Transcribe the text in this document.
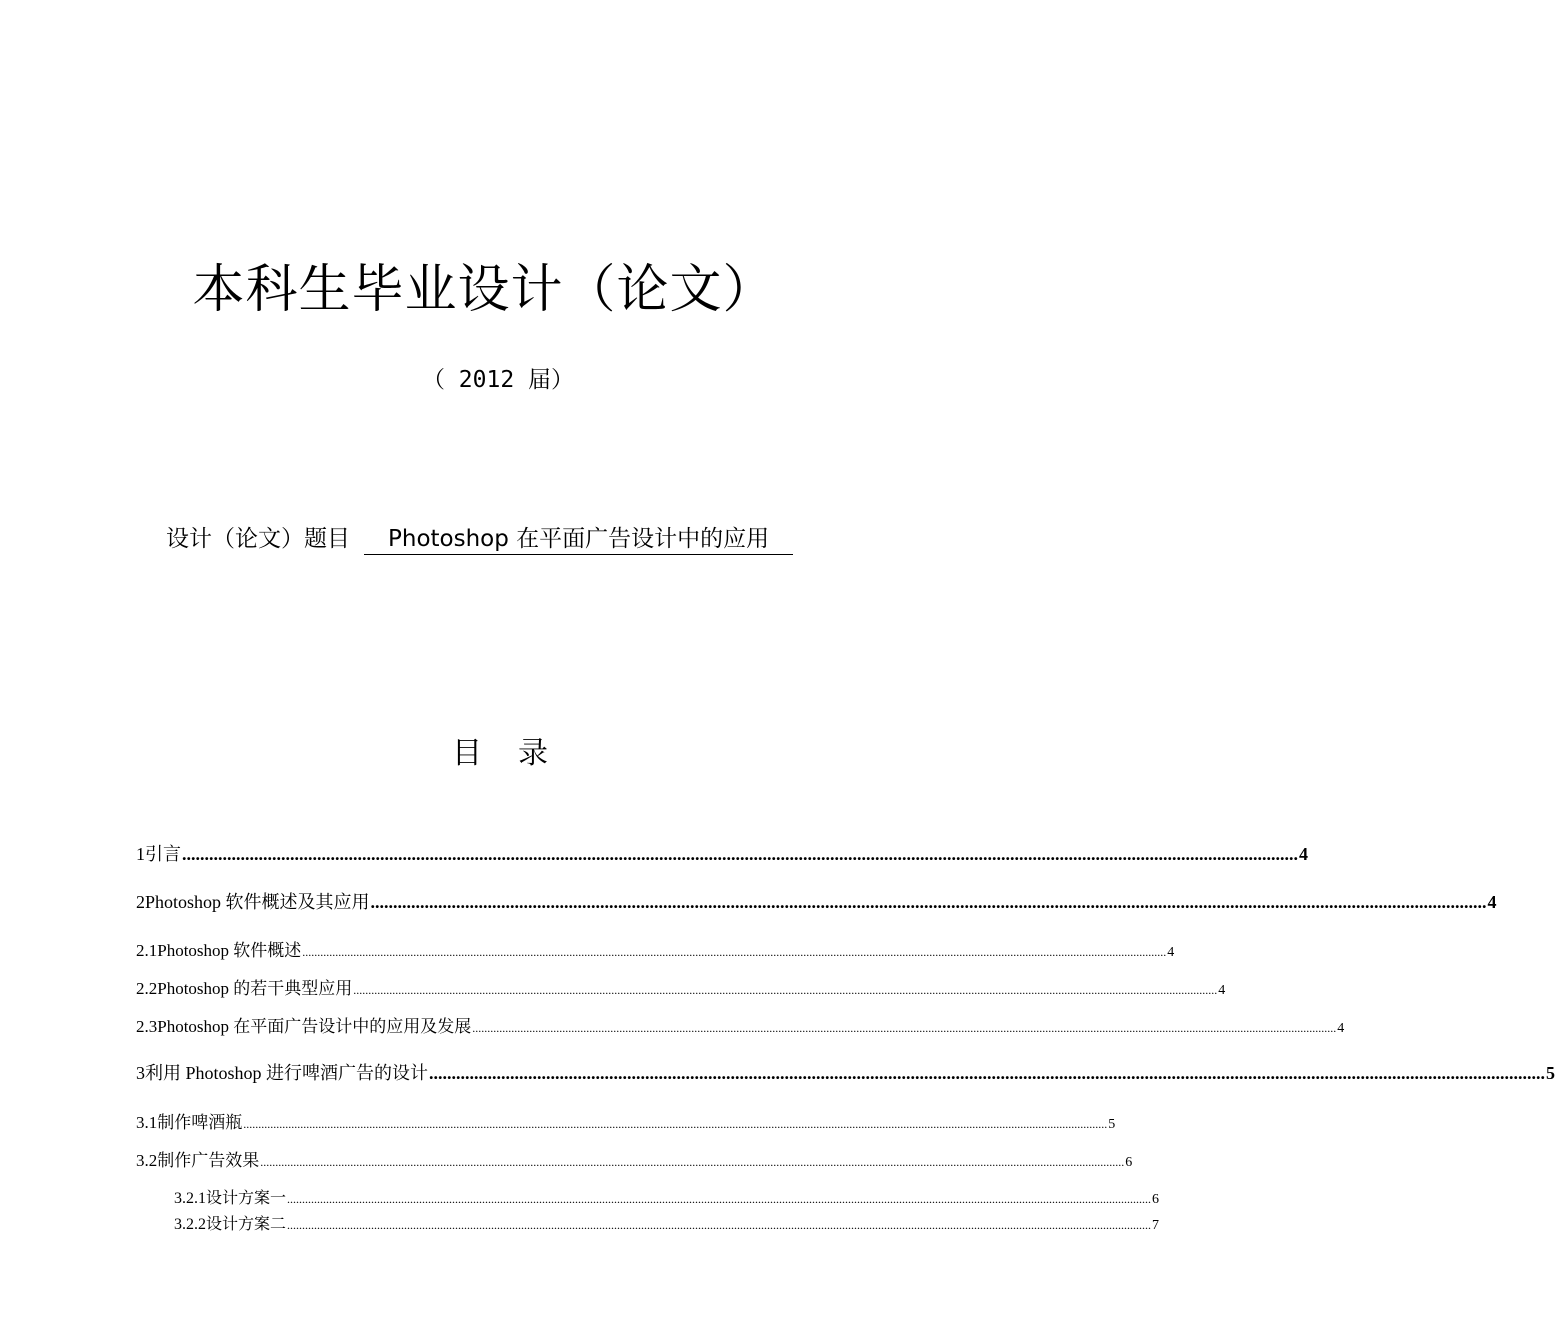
本科生毕业设计（论文）
（ 2012 届）
设计（论文）题目 Photoshop 在平面广告设计中的应用
目 录
1 引言 ........................................................................................................................................................................................................................................................ 4
2 Photoshop 软件概述及其应用 ........................................................................................................................................................................................................................................................ 4
2.1 Photoshop 软件概述 ................................................................................................................................................................................................................................................................................................ 4
2.2 Photoshop 的若干典型应用 ................................................................................................................................................................................................................................................................................................ 4
2.3 Photoshop 在平面广告设计中的应用及发展 ................................................................................................................................................................................................................................................................................................ 4
3 利用 Photoshop 进行啤酒广告的设计 ........................................................................................................................................................................................................................................................ 5
3.1 制作啤酒瓶 ................................................................................................................................................................................................................................................................................................ 5
3.2 制作广告效果 ................................................................................................................................................................................................................................................................................................ 6
3.2.1 设计方案一 ................................................................................................................................................................................................................................................................................................ 6
3.2.2 设计方案二 ................................................................................................................................................................................................................................................................................................ 7
